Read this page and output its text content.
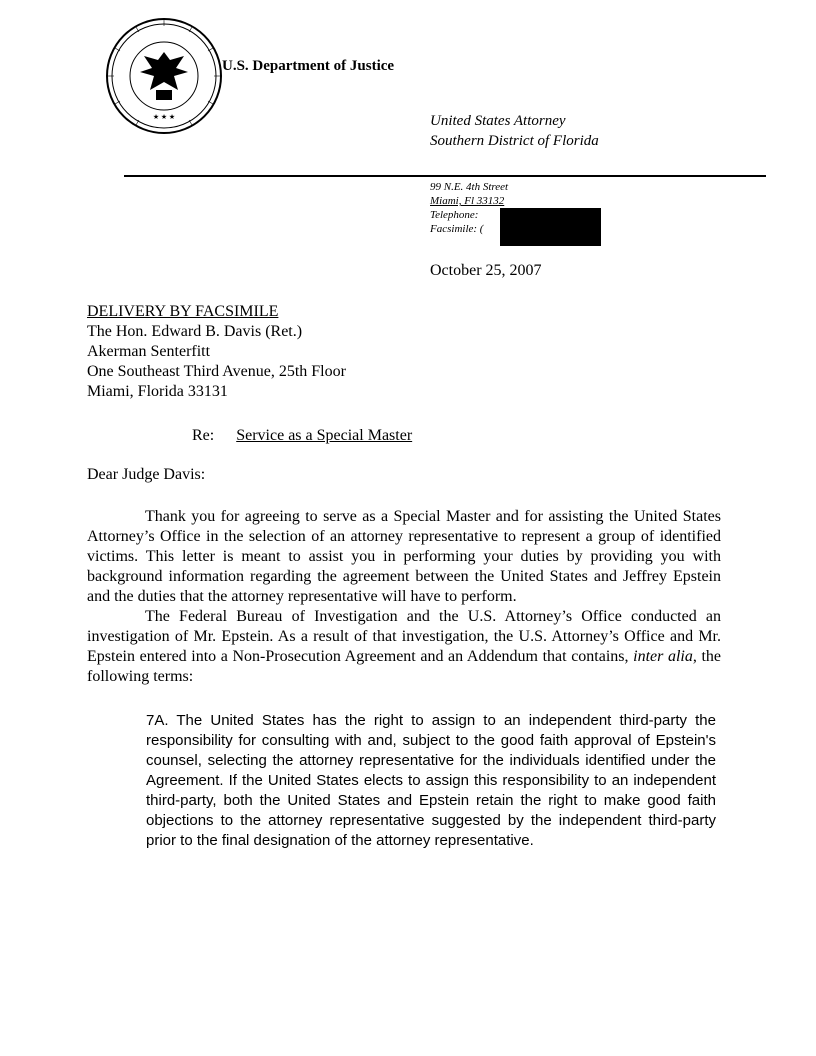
★ ★ ★
U.S. Department of Justice
United States Attorney
Southern District of Florida
99 N.E. 4th Street
Miami, Fl 33132
Telephone:
Facsimile: (
October 25, 2007
DELIVERY BY FACSIMILE
The Hon. Edward B. Davis (Ret.)
Akerman Senterfitt
One Southeast Third Avenue, 25th Floor
Miami, Florida 33131
Re: Service as a Special Master
Dear Judge Davis:
Thank you for agreeing to serve as a Special Master and for assisting the United States Attorney’s Office in the selection of an attorney representative to represent a group of identified victims. This letter is meant to assist you in performing your duties by providing you with background information regarding the agreement between the United States and Jeffrey Epstein and the duties that the attorney representative will have to perform.
The Federal Bureau of Investigation and the U.S. Attorney’s Office conducted an investigation of Mr. Epstein. As a result of that investigation, the U.S. Attorney’s Office and Mr. Epstein entered into a Non-Prosecution Agreement and an Addendum that contains, inter alia, the following terms:
7A. The United States has the right to assign to an independent third-party the responsibility for consulting with and, subject to the good faith approval of Epstein's counsel, selecting the attorney representative for the individuals identified under the Agreement. If the United States elects to assign this responsibility to an independent third-party, both the United States and Epstein retain the right to make good faith objections to the attorney representative suggested by the independent third-party prior to the final designation of the attorney representative.
